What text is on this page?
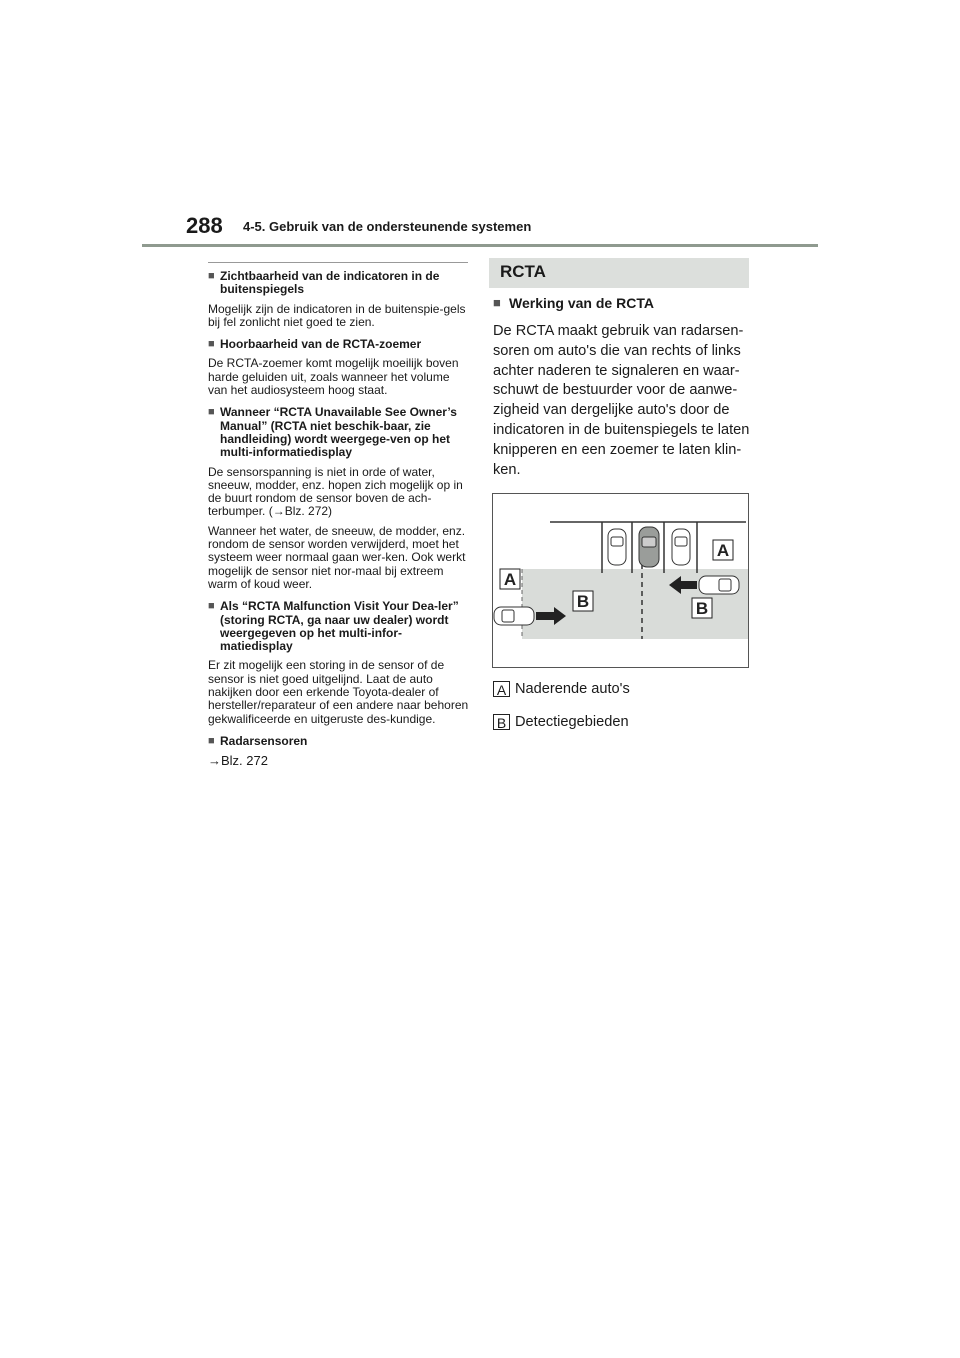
288 4-5. Gebruik van de ondersteunende systemen
■ Zichtbaarheid van de indicatoren in de buitenspiegels
Mogelijk zijn de indicatoren in de buitenspie-gels bij fel zonlicht niet goed te zien.
■ Hoorbaarheid van de RCTA-zoemer
De RCTA-zoemer komt mogelijk moeilijk boven harde geluiden uit, zoals wanneer het volume van het audiosysteem hoog staat.
■ Wanneer “RCTA Unavailable See Owner’s Manual” (RCTA niet beschik-baar, zie handleiding) wordt weergege-ven op het multi-informatiedisplay
De sensorspanning is niet in orde of water, sneeuw, modder, enz. hopen zich mogelijk op in de buurt rondom de sensor boven de ach-terbumper. (→Blz. 272)
Wanneer het water, de sneeuw, de modder, enz. rondom de sensor worden verwijderd, moet het systeem weer normaal gaan wer-ken. Ook werkt mogelijk de sensor niet nor-maal bij extreem warm of koud weer.
■ Als “RCTA Malfunction Visit Your Dea-ler” (storing RCTA, ga naar uw dealer) wordt weergegeven op het multi-infor-matiedisplay
Er zit mogelijk een storing in de sensor of de sensor is niet goed uitgelijnd. Laat de auto nakijken door een erkende Toyota-dealer of hersteller/reparateur of een andere naar behoren gekwalificeerde en uitgeruste des-kundige.
■ Radarsensoren
→Blz. 272
RCTA
■ Werking van de RCTA
De RCTA maakt gebruik van radarsen-soren om auto's die van rechts of links achter naderen te signaleren en waar-schuwt de bestuurder voor de aanwe-zigheid van dergelijke auto's door de indicatoren in de buitenspiegels te laten knipperen en een zoemer te laten klin-ken.
A
A
B	B
A Naderende auto's
B Detectiegebieden
